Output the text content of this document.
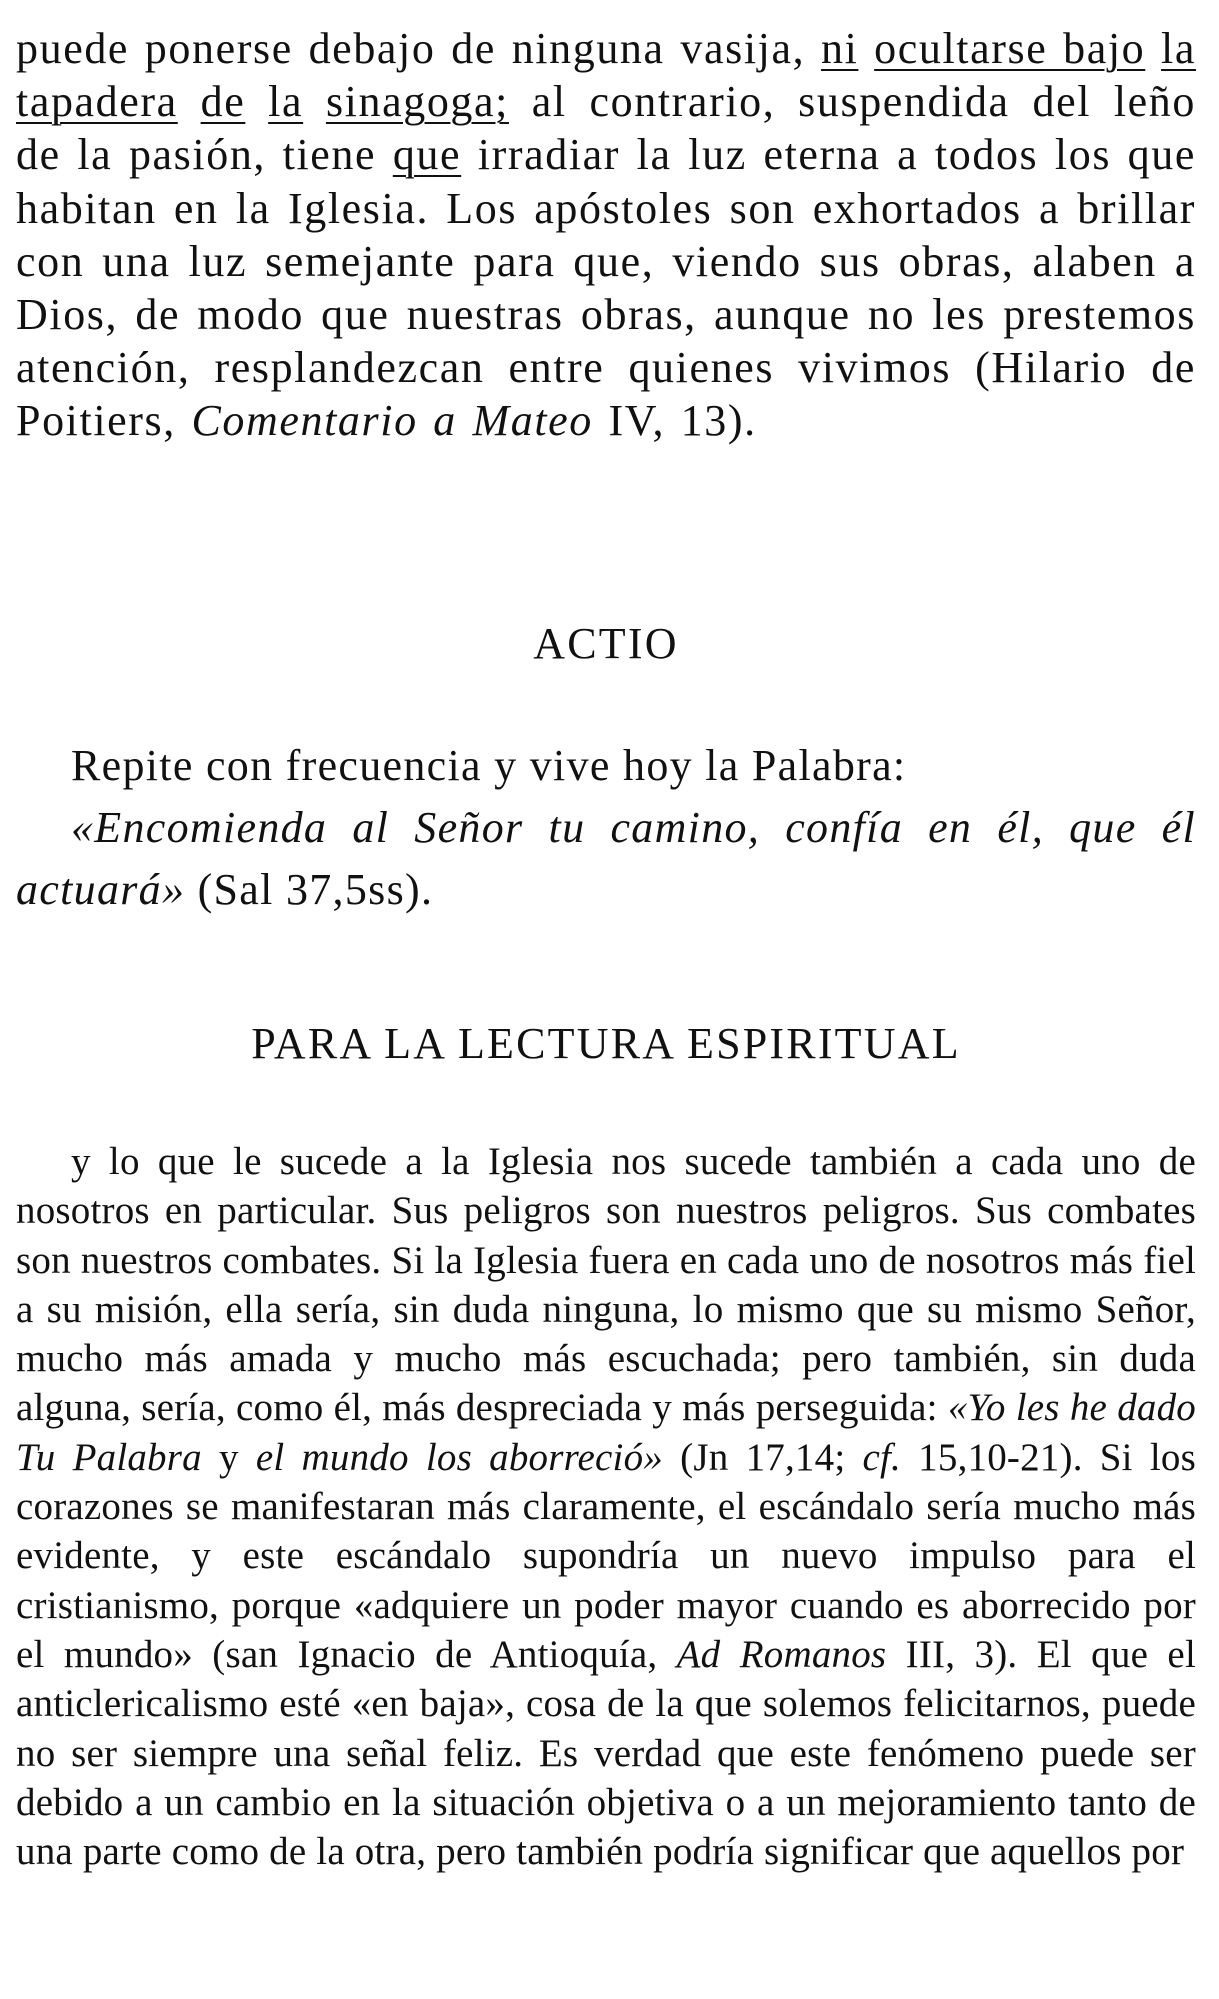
puede ponerse debajo de ninguna vasija, ni ocultarse bajo la tapadera de la sinagoga; al contrario, suspendida del leño de la pasión, tiene que irradiar la luz eterna a todos los que habitan en la Iglesia. Los apóstoles son exhortados a brillar con una luz semejante para que, viendo sus obras, alaben a Dios, de modo que nuestras obras, aunque no les prestemos atención, resplandezcan entre quienes vivimos (Hilario de Poitiers, Comentario a Mateo IV, 13).

ACTIO

Repite con frecuencia y vive hoy la Palabra:

«Encomienda al Señor tu camino, confía en él, que él actuará» (Sal 37,5ss).

PARA LA LECTURA ESPIRITUAL

y lo que le sucede a la Iglesia nos sucede también a cada uno de nosotros en particular. Sus peligros son nuestros peligros. Sus combates son nuestros combates. Si la Iglesia fuera en cada uno de nosotros más fiel a su misión, ella sería, sin duda ninguna, lo mismo que su mismo Señor, mucho más amada y mucho más escuchada; pero también, sin duda alguna, sería, como él, más despreciada y más perseguida: «Yo les he dado Tu Palabra y el mundo los aborreció» (Jn 17,14; cf. 15,10-21). Si los corazones se manifestaran más claramente, el escándalo sería mucho más evidente, y este escándalo supondría un nuevo impulso para el cristianismo, porque «adquiere un poder mayor cuando es aborrecido por el mundo» (san Ignacio de Antioquía, Ad Romanos III, 3). El que el anticlericalismo esté «en baja», cosa de la que solemos felicitarnos, puede no ser siempre una señal feliz. Es verdad que este fenómeno puede ser debido a un cambio en la situación objetiva o a un mejoramiento tanto de una parte como de la otra, pero también podría significar que aquellos por
